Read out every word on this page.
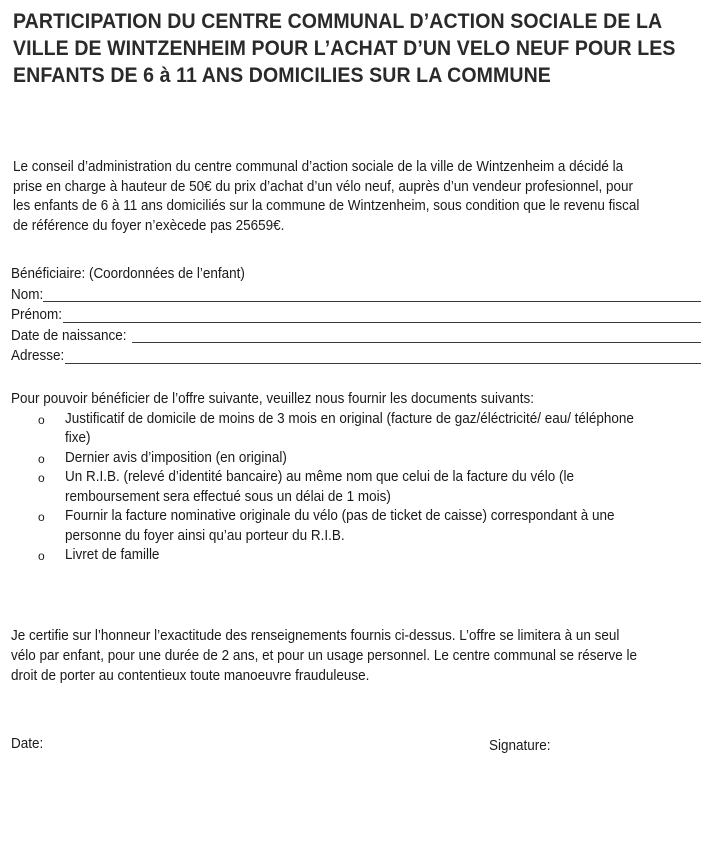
PARTICIPATION DU CENTRE COMMUNAL D’ACTION SOCIALE DE LA
VILLE DE WINTZENHEIM POUR L’ACHAT D’UN VELO NEUF POUR LES
ENFANTS DE 6 à 11 ANS DOMICILIES SUR LA COMMUNE

Le conseil d’administration du centre communal d’action sociale de la ville de Wintzenheim a décidé la
prise en charge à hauteur de 50€ du prix d’achat d’un vélo neuf, auprès d’un vendeur profesionnel, pour
les enfants de 6 à 11 ans domiciliés sur la commune de Wintzenheim, sous condition que le revenu fiscal
de référence du foyer n’exècede pas 25659€.

Bénéficiaire: (Coordonnées de l’enfant)
Nom:
Prénom:
Date de naissance:
Adresse:
Pour pouvoir bénéficier de l’offre suivante, veuillez nous fournir les documents suivants:
o Justificatif de domicile de moins de 3 mois en original (facture de gaz/éléctricité/ eau/ téléphone
fixe)
o Dernier avis d’imposition (en original)
o Un R.I.B. (relevé d’identité bancaire) au même nom que celui de la facture du vélo (le
remboursement sera effectué sous un délai de 1 mois)
o Fournir la facture nominative originale du vélo (pas de ticket de caisse) correspondant à une
personne du foyer ainsi qu’au porteur du R.I.B.
o Livret de famille
Je certifie sur l’honneur l’exactitude des renseignements fournis ci-dessus. L’offre se limitera à un seul
vélo par enfant, pour une durée de 2 ans, et pour un usage personnel. Le centre communal se réserve le
droit de porter au contentieux toute manoeuvre frauduleuse.
Date:	Signature:
